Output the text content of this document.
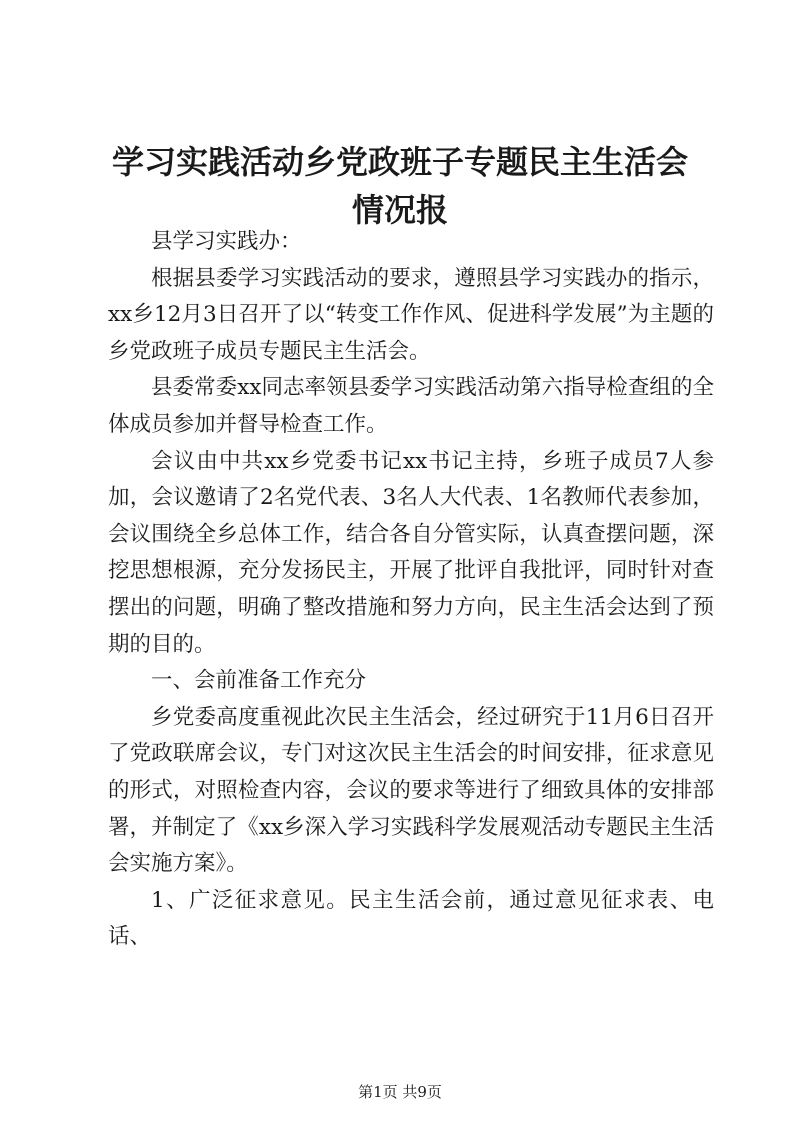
学习实践活动乡党政班子专题民主生活会情况报

县学习实践办：

根据县委学习实践活动的要求，遵照县学习实践办的指示，xx乡12月3日召开了以“转变工作作风、促进科学发展”为主题的乡党政班子成员专题民主生活会。

县委常委xx同志率领县委学习实践活动第六指导检查组的全体成员参加并督导检查工作。

会议由中共xx乡党委书记xx书记主持，乡班子成员7人参加，会议邀请了2名党代表、3名人大代表、1名教师代表参加，会议围绕全乡总体工作，结合各自分管实际，认真查摆问题，深挖思想根源，充分发扬民主，开展了批评自我批评，同时针对查摆出的问题，明确了整改措施和努力方向，民主生活会达到了预期的目的。

一、会前准备工作充分

乡党委高度重视此次民主生活会，经过研究于11月6日召开了党政联席会议，专门对这次民主生活会的时间安排，征求意见的形式，对照检查内容，会议的要求等进行了细致具体的安排部署，并制定了《xx乡深入学习实践科学发展观活动专题民主生活会实施方案》。

1、广泛征求意见。民主生活会前，通过意见征求表、电话、

第1页 共9页
